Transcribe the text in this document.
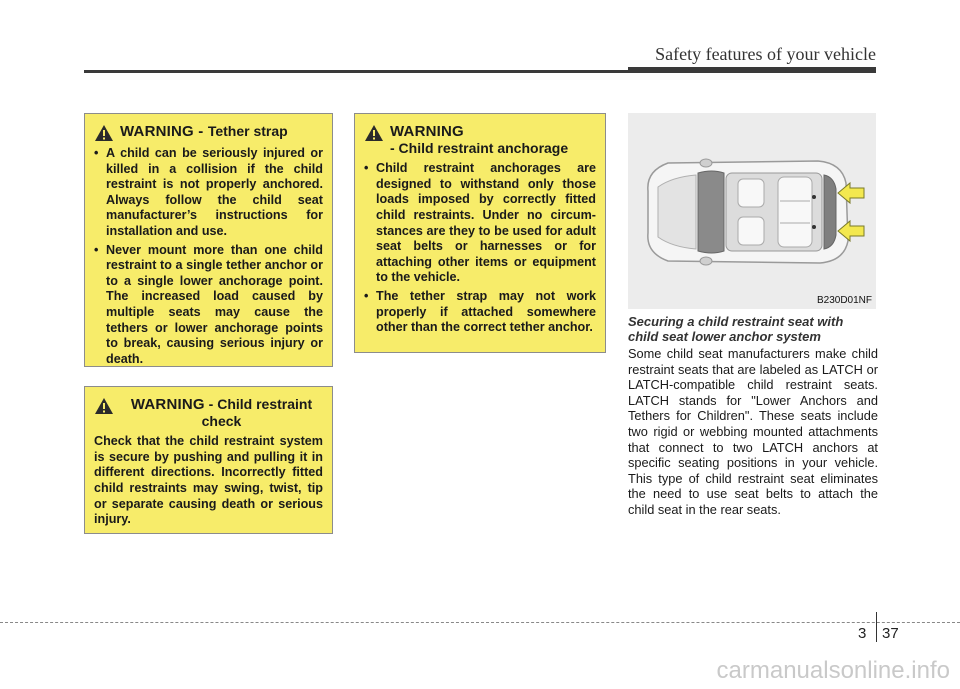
Safety features of your vehicle
WARNING - Tether strap
• A child can be seriously injured or killed in a collision if the child restraint is not properly anchored. Always follow the child seat manufacturer’s instructions for installation and use.
• Never mount more than one child restraint to a single tether anchor or to a single lower anchorage point. The increased load caused by multiple seats may cause the tethers or lower anchorage points to break, causing serious injury or death.
WARNING
- Child restraint anchorage
• Child restraint anchorages are designed to withstand only those loads imposed by correctly fitted child restraints. Under no circumstances are they to be used for adult seat belts or harnesses or for attaching other items or equipment to the vehicle.
• The tether strap may not work properly if attached somewhere other than the correct tether anchor.
WARNING - Child restraint check

Check that the child restraint system is secure by pushing and pulling it in different directions. Incorrectly fitted child restraints may swing, twist, tip or separate causing death or serious injury.

B230D01NF
Securing a child restraint seat with child seat lower anchor system
Some child seat manufacturers make child restraint seats that are labeled as LATCH or LATCH-compatible child restraint seats. LATCH stands for "Lower Anchors and Tethers for Children". These seats include two rigid or webbing mounted attachments that connect to two LATCH anchors at specific seating positions in your vehicle. This type of child restraint seat eliminates the need to use seat belts to attach the child seat in the rear seats.
3 37
carmanualsonline.info
